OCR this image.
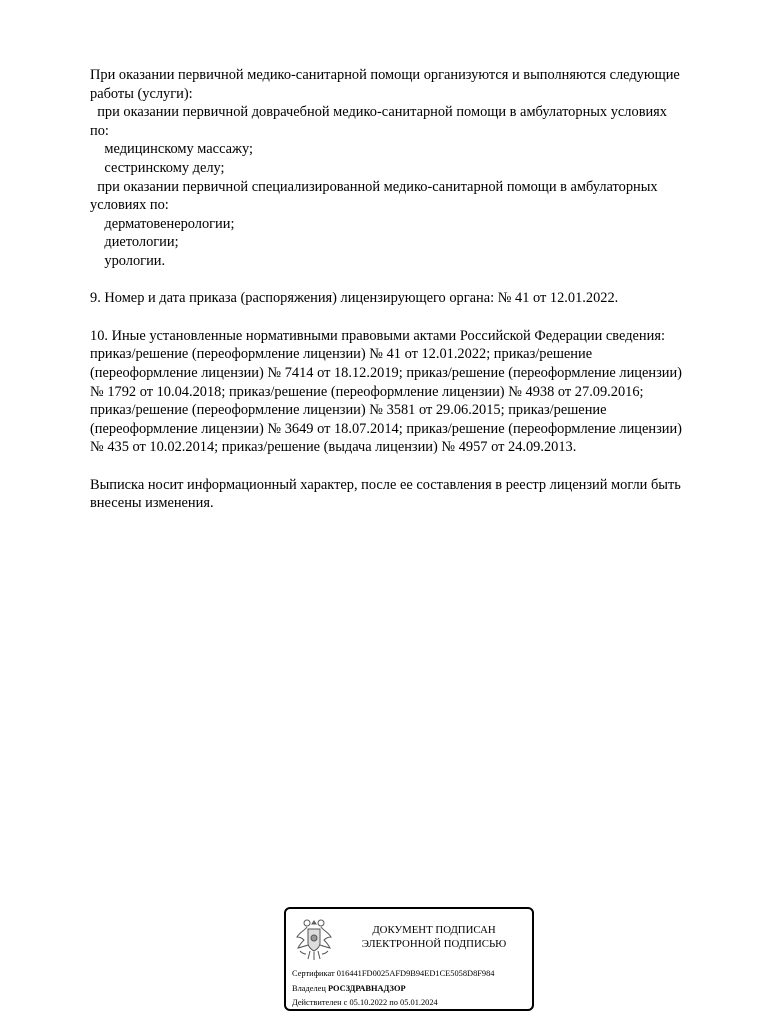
При оказании первичной медико-санитарной помощи организуются и выполняются следующие
работы (услуги):
при оказании первичной доврачебной медико-санитарной помощи в амбулаторных условиях
по:
медицинскому массажу;
сестринскому делу;
при оказании первичной специализированной медико-санитарной помощи в амбулаторных
условиях по:
дерматовенерологии;
диетологии;
урологии.
9. Номер и дата приказа (распоряжения) лицензирующего органа: № 41 от 12.01.2022.
10. Иные установленные нормативными правовыми актами Российской Федерации сведения:
приказ/решение (переоформление лицензии) № 41 от 12.01.2022; приказ/решение
(переоформление лицензии) № 7414 от 18.12.2019; приказ/решение (переоформление лицензии)
№ 1792 от 10.04.2018; приказ/решение (переоформление лицензии) № 4938 от 27.09.2016;
приказ/решение (переоформление лицензии) № 3581 от 29.06.2015; приказ/решение
(переоформление лицензии) № 3649 от 18.07.2014; приказ/решение (переоформление лицензии)
№ 435 от 10.02.2014; приказ/решение (выдача лицензии) № 4957 от 24.09.2013.
Выписка носит информационный характер, после ее составления в реестр лицензий могли быть
внесены изменения.
ДОКУМЕНТ ПОДПИСАН
ЭЛЕКТРОННОЙ ПОДПИСЬЮ
Сертификат 016441FD0025AFD9B94ED1CE5058D8F984
Владелец РОСЗДРАВНАДЗОР
Действителен с 05.10.2022 по 05.01.2024
